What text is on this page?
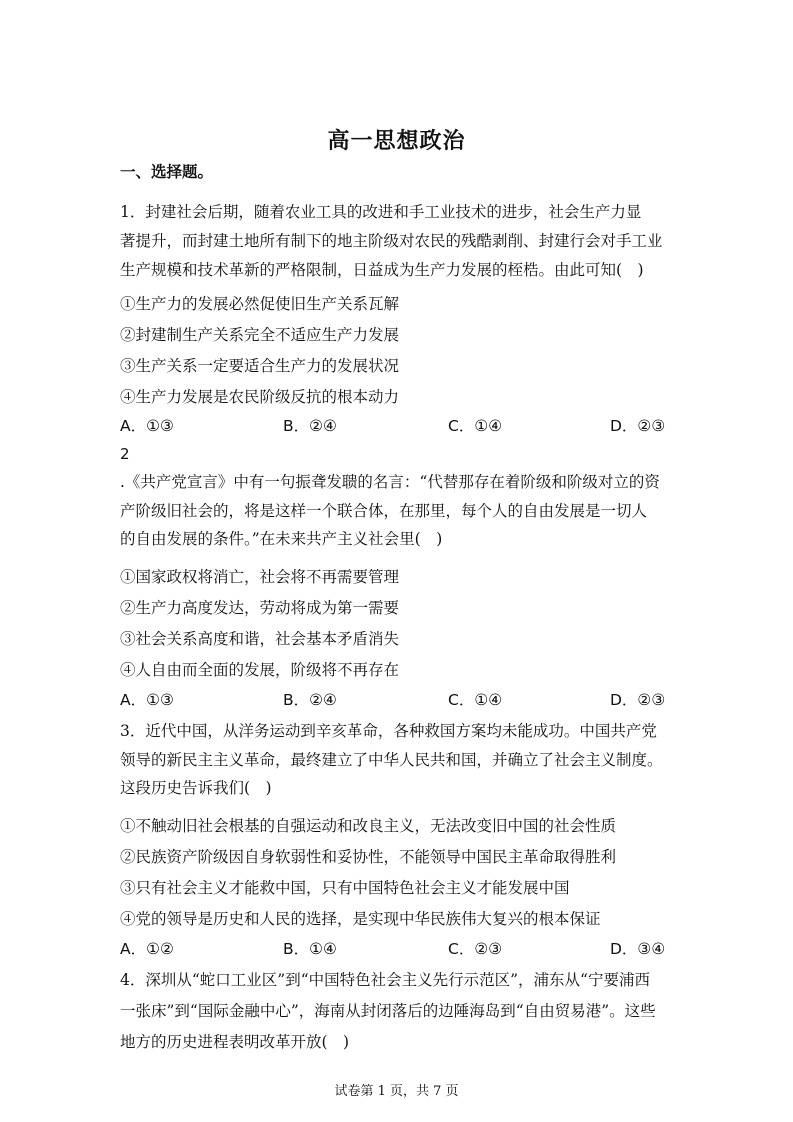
高一思想政治
一、选择题。
1．封建社会后期，随着农业工具的改进和手工业技术的进步，社会生产力显
著提升，而封建土地所有制下的地主阶级对农民的残酷剥削、封建行会对手工业
生产规模和技术革新的严格限制，日益成为生产力发展的桎梏。由此可知(　)
①生产力的发展必然促使旧生产关系瓦解
②封建制生产关系完全不适应生产力发展
③生产关系一定要适合生产力的发展状况
④生产力发展是农民阶级反抗的根本动力
A．①③	B．②④	C．①④	D．②③
2
.《共产党宣言》中有一句振聋发聩的名言：“代替那存在着阶级和阶级对立的资
产阶级旧社会的，将是这样一个联合体，在那里，每个人的自由发展是一切人
的自由发展的条件。”在未来共产主义社会里(　)
①国家政权将消亡，社会将不再需要管理
②生产力高度发达，劳动将成为第一需要
③社会关系高度和谐，社会基本矛盾消失
④人自由而全面的发展，阶级将不再存在
A．①③	B．②④	C．①④	D．②③
3．近代中国，从洋务运动到辛亥革命，各种救国方案均未能成功。中国共产党
领导的新民主主义革命，最终建立了中华人民共和国，并确立了社会主义制度。
这段历史告诉我们(　)
①不触动旧社会根基的自强运动和改良主义，无法改变旧中国的社会性质
②民族资产阶级因自身软弱性和妥协性，不能领导中国民主革命取得胜利
③只有社会主义才能救中国，只有中国特色社会主义才能发展中国
④党的领导是历史和人民的选择，是实现中华民族伟大复兴的根本保证
A．①②	B．①④	C．②③	D．③④
4．深圳从“蛇口工业区”到“中国特色社会主义先行示范区”，浦东从“宁要浦西
一张床”到“国际金融中心”，海南从封闭落后的边陲海岛到“自由贸易港”。这些
地方的历史进程表明改革开放(　)
试卷第 1 页，共 7 页
